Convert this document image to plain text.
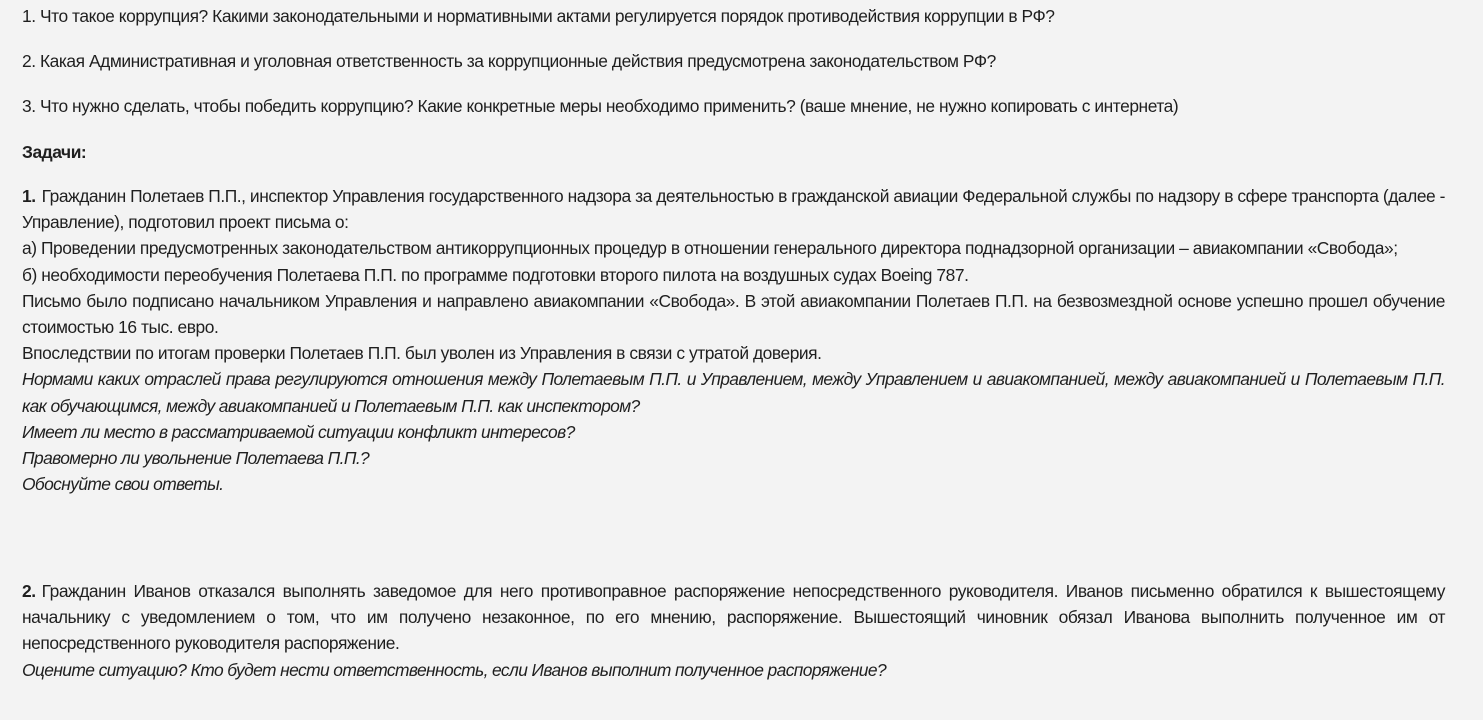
1. Что такое коррупция? Какими законодательными и нормативными актами регулируется порядок противодействия коррупции в РФ?

2. Какая Административная и уголовная ответственность за коррупционные действия предусмотрена законодательством РФ?

3. Что нужно сделать, чтобы победить коррупцию? Какие конкретные меры необходимо применить? (ваше мнение, не нужно копировать с интернета)

Задачи:

1. Гражданин Полетаев П.П., инспектор Управления государственного надзора за деятельностью в гражданской авиации Федеральной службы по надзору в сфере транспорта (далее - Управление), подготовил проект письма о:

а) Проведении предусмотренных законодательством антикоррупционных процедур в отношении генерального директора поднадзорной организации – авиакомпании «Свобода»;

б) необходимости переобучения Полетаева П.П. по программе подготовки второго пилота на воздушных судах Boeing 787.

Письмо было подписано начальником Управления и направлено авиакомпании «Свобода». В этой авиакомпании Полетаев П.П. на безвозмездной основе успешно прошел обучение стоимостью 16 тыс. евро.

Впоследствии по итогам проверки Полетаев П.П. был уволен из Управления в связи с утратой доверия.

Нормами каких отраслей права регулируются отношения между Полетаевым П.П. и Управлением, между Управлением и авиакомпанией, между авиакомпанией и Полетаевым П.П. как обучающимся, между авиакомпанией и Полетаевым П.П. как инспектором?

Имеет ли место в рассматриваемой ситуации конфликт интересов?

Правомерно ли увольнение Полетаева П.П.?

Обоснуйте свои ответы.

2. Гражданин Иванов отказался выполнять заведомое для него противоправное распоряжение непосредственного руководителя. Иванов письменно обратился к вышестоящему начальнику с уведомлением о том, что им получено незаконное, по его мнению, распоряжение. Вышестоящий чиновник обязал Иванова выполнить полученное им от непосредственного руководителя распоряжение.

Оцените ситуацию? Кто будет нести ответственность, если Иванов выполнит полученное распоряжение?
